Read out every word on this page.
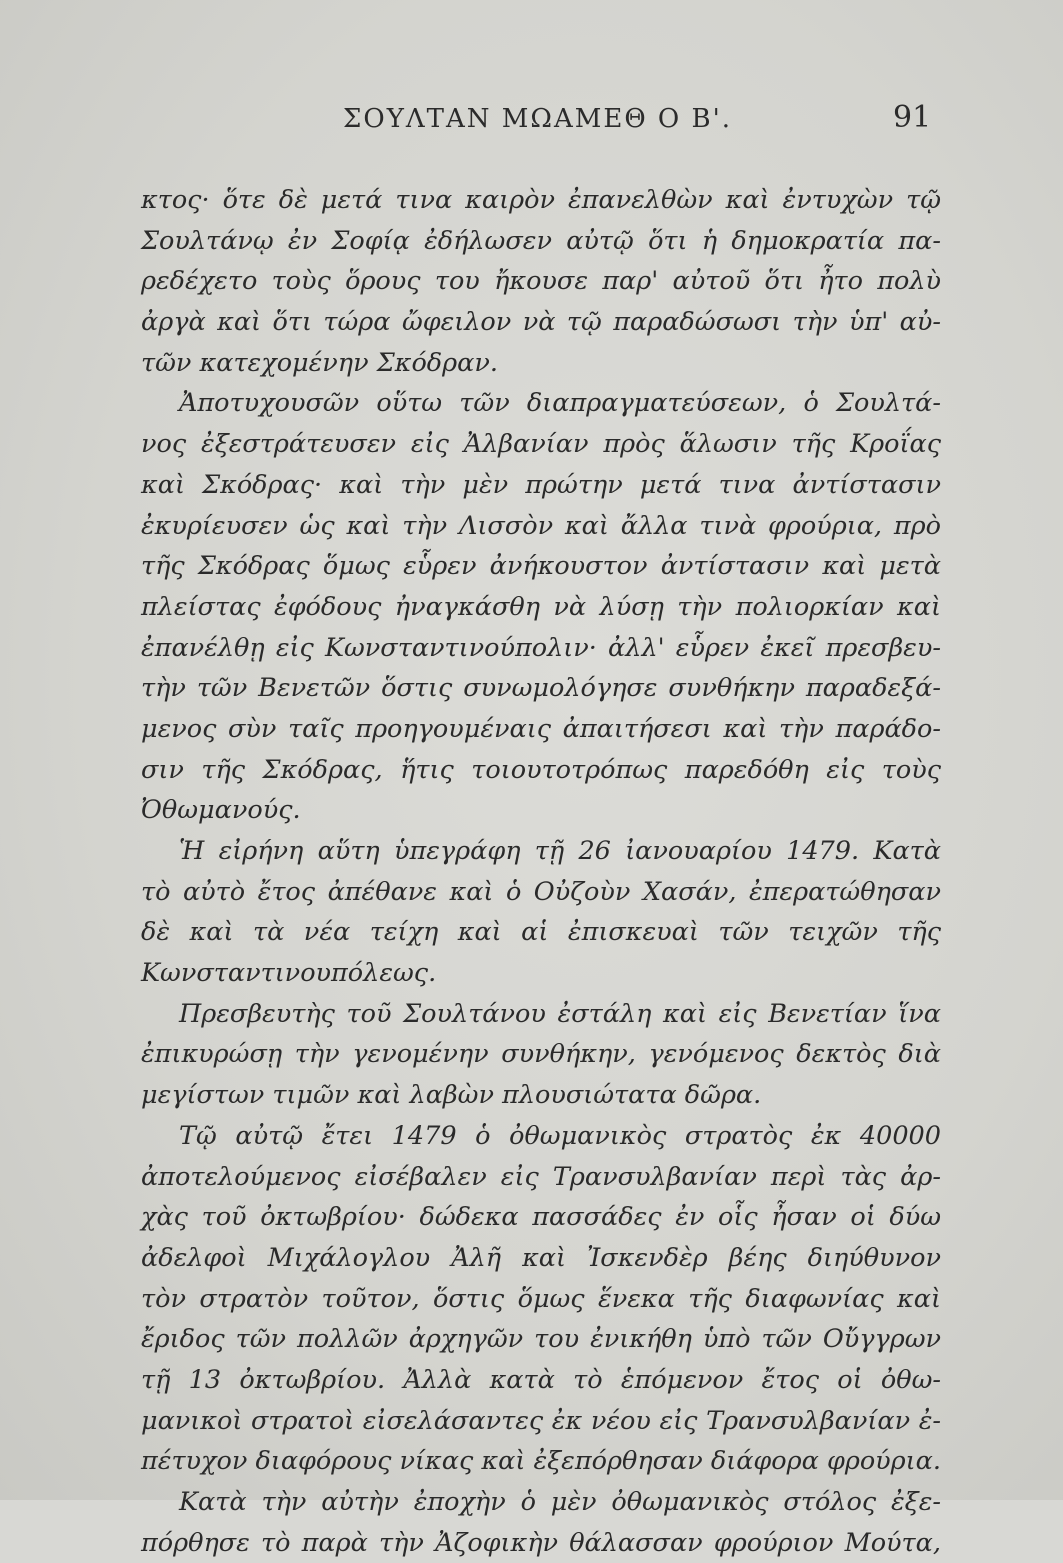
ΣΟΥΛΤΑΝ ΜΩΑΜΕΘ Ο Β'.	91
κτος· ὅτε δὲ μετά τινα καιρὸν ἐπανελθὼν καὶ ἐντυχὼν τῷ
Σουλτάνῳ ἐν Σοφίᾳ ἐδήλωσεν αὐτῷ ὅτι ἡ δημοκρατία πα-
ρεδέχετο τοὺς ὅρους του ἤκουσε παρ' αὐτοῦ ὅτι ἦτο πολὺ
ἀργὰ καὶ ὅτι τώρα ὤφειλον νὰ τῷ παραδώσωσι τὴν ὑπ' αὐ-
τῶν κατεχομένην Σκόδραν.
Ἀποτυχουσῶν οὕτω τῶν διαπραγματεύσεων, ὁ Σουλτά-
νος ἐξεστράτευσεν εἰς Ἀλβανίαν πρὸς ἅλωσιν τῆς Κροΐας
καὶ Σκόδρας· καὶ τὴν μὲν πρώτην μετά τινα ἀντίστασιν
ἐκυρίευσεν ὡς καὶ τὴν Λισσὸν καὶ ἄλλα τινὰ φρούρια, πρὸ
τῆς Σκόδρας ὅμως εὗρεν ἀνήκουστον ἀντίστασιν καὶ μετὰ
πλείστας ἐφόδους ἠναγκάσθη νὰ λύσῃ τὴν πολιορκίαν καὶ
ἐπανέλθῃ εἰς Κωνσταντινούπολιν· ἀλλ' εὗρεν ἐκεῖ πρεσβευ-
τὴν τῶν Βενετῶν ὅστις συνωμολόγησε συνθήκην παραδεξά-
μενος σὺν ταῖς προηγουμέναις ἀπαιτήσεσι καὶ τὴν παράδο-
σιν τῆς Σκόδρας, ἥτις τοιουτοτρόπως παρεδόθη εἰς τοὺς
Ὀθωμανούς.
Ἡ εἰρήνη αὕτη ὑπεγράφη τῇ 26 ἰανουαρίου 1479. Κατὰ
τὸ αὐτὸ ἔτος ἀπέθανε καὶ ὁ Οὐζοὺν Χασάν, ἐπερατώθησαν
δὲ καὶ τὰ νέα τείχη καὶ αἱ ἐπισκευαὶ τῶν τειχῶν τῆς
Κωνσταντινουπόλεως.
Πρεσβευτὴς τοῦ Σουλτάνου ἐστάλη καὶ εἰς Βενετίαν ἵνα
ἐπικυρώσῃ τὴν γενομένην συνθήκην, γενόμενος δεκτὸς διὰ
μεγίστων τιμῶν καὶ λαβὼν πλουσιώτατα δῶρα.
Τῷ αὐτῷ ἔτει 1479 ὁ ὀθωμανικὸς στρατὸς ἐκ 40000
ἀποτελούμενος εἰσέβαλεν εἰς Τρανσυλβανίαν περὶ τὰς ἀρ-
χὰς τοῦ ὀκτωβρίου· δώδεκα πασσάδες ἐν οἷς ἦσαν οἱ δύω
ἀδελφοὶ Μιχάλογλου Ἀλῆ καὶ Ἰσκενδὲρ βέης διηύθυνον
τὸν στρατὸν τοῦτον, ὅστις ὅμως ἕνεκα τῆς διαφωνίας καὶ
ἔριδος τῶν πολλῶν ἀρχηγῶν του ἐνικήθη ὑπὸ τῶν Οὔγγρων
τῇ 13 ὀκτωβρίου. Ἀλλὰ κατὰ τὸ ἑπόμενον ἔτος οἱ ὀθω-
μανικοὶ στρατοὶ εἰσελάσαντες ἐκ νέου εἰς Τρανσυλβανίαν ἐ-
πέτυχον διαφόρους νίκας καὶ ἐξεπόρθησαν διάφορα φρούρια.
Κατὰ τὴν αὐτὴν ἐποχὴν ὁ μὲν ὀθωμανικὸς στόλος ἐξε-
πόρθησε τὸ παρὰ τὴν Ἀζοφικὴν θάλασσαν φρούριον Μούτα,
